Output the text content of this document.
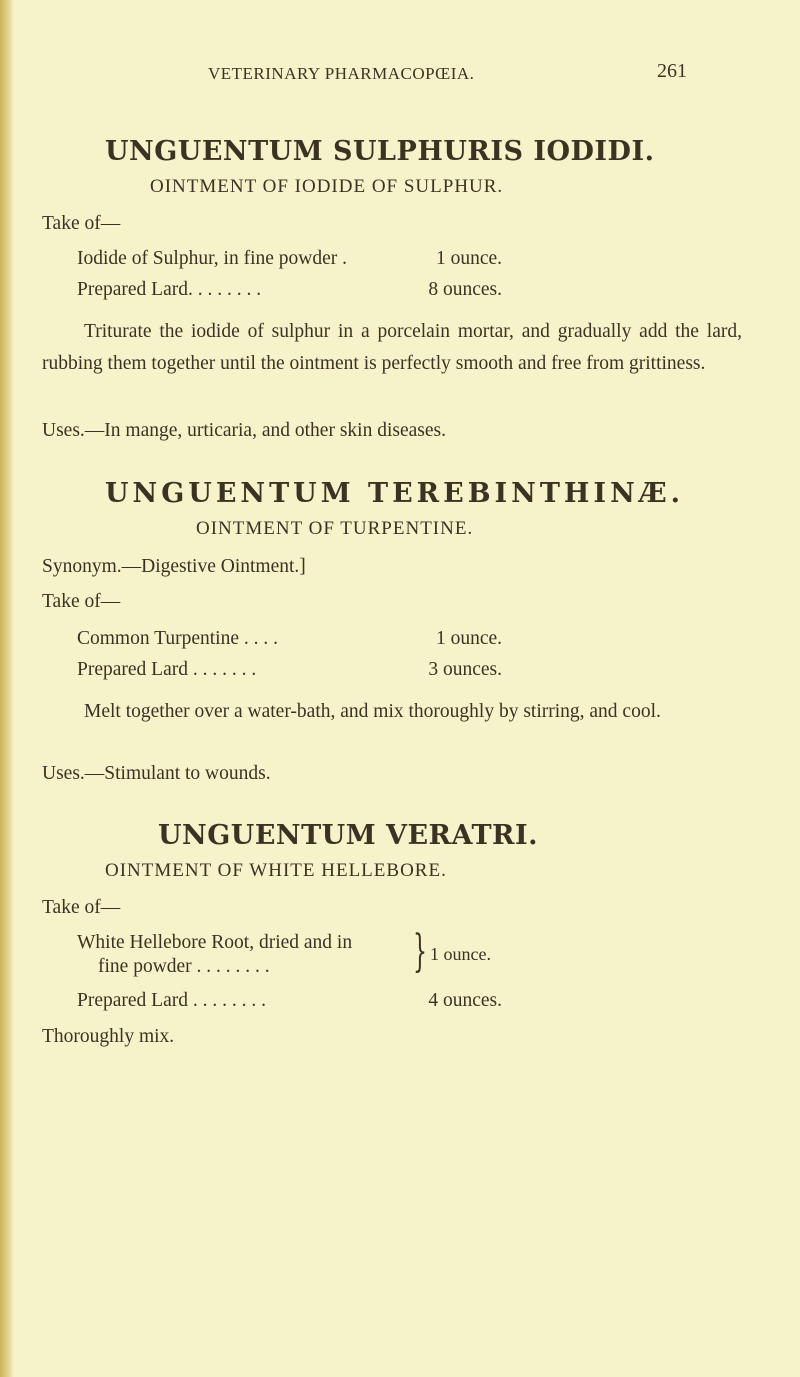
VETERINARY PHARMACOPŒIA.	261
UNGUENTUM SULPHURIS IODIDI.
OINTMENT OF IODIDE OF SULPHUR.
Take of—
Iodide of Sulphur, in fine powder .	1 ounce.
Prepared Lard. . . . . . . .	8 ounces.
Triturate the iodide of sulphur in a porcelain mortar, and gradually add the lard, rubbing them together until the ointment is perfectly smooth and free from grittiness.
Uses.—In mange, urticaria, and other skin diseases.
UNGUENTUM TEREBINTHINÆ.
OINTMENT OF TURPENTINE.
Synonym.—Digestive Ointment.]
Take of—
Common Turpentine . . . .	1 ounce.
Prepared Lard . . . . . . .	3 ounces.
Melt together over a water-bath, and mix thoroughly by stirring, and cool.
Uses.—Stimulant to wounds.
UNGUENTUM VERATRI.
OINTMENT OF WHITE HELLEBORE.
Take of—
White Hellebore Root, dried and in
fine powder . . . . . . . .	} 1 ounce.
Prepared Lard . . . . . . . .	4 ounces.
Thoroughly mix.
